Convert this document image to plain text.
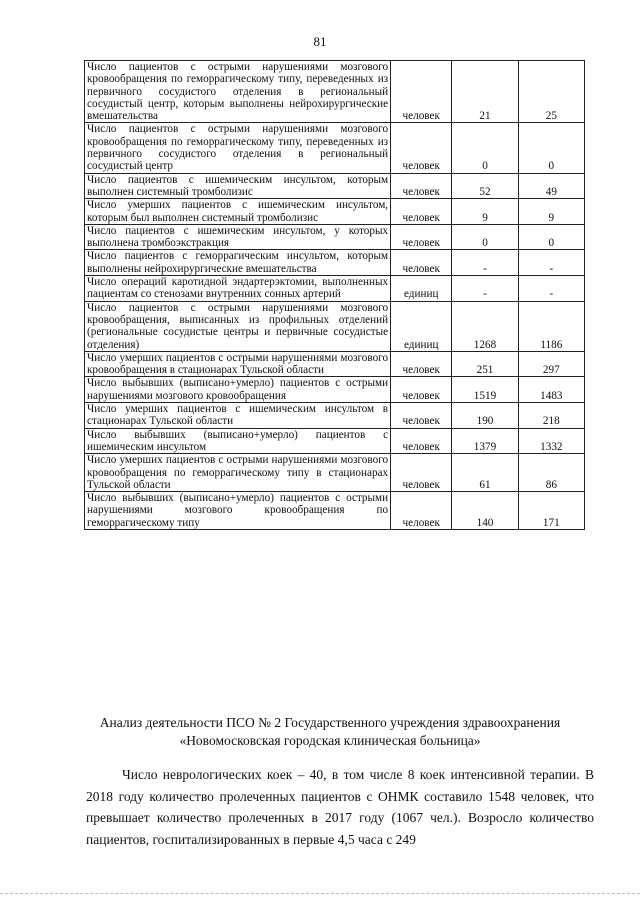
81
Число пациентов с острыми нарушениями мозгового кровообращения по геморрагическому типу, переведенных из первичного сосудистого отделения в региональный сосудистый центр, которым выполнены нейрохирургические вмешательства	человек	21	25
Число пациентов с острыми нарушениями мозгового кровообращения по геморрагическому типу, переведенных из первичного сосудистого отделения в региональный сосудистый центр	человек	0	0
Число пациентов с ишемическим инсультом, которым выполнен системный тромболизис	человек	52	49
Число умерших пациентов с ишемическим инсультом, которым был выполнен системный тромболизис	человек	9	9
Число пациентов с ишемическим инсультом, у которых выполнена тромбоэкстракция	человек	0	0
Число пациентов с геморрагическим инсультом, которым выполнены нейрохирургические вмешательства	человек	-	-
Число операций каротидной эндартерэктомии, выполненных пациентам со стенозами внутренних сонных артерий	единиц	-	-
Число пациентов с острыми нарушениями мозгового кровообращения, выписанных из профильных отделений (региональные сосудистые центры и первичные сосудистые отделения)	единиц	1268	1186
Число умерших пациентов с острыми нарушениями мозгового кровообращения в стационарах Тульской области	человек	251	297
Число выбывших (выписано+умерло) пациентов с острыми нарушениями мозгового кровообращения	человек	1519	1483
Число умерших пациентов с ишемическим инсультом в стационарах Тульской области	человек	190	218
Число выбывших (выписано+умерло) пациентов с ишемическим инсультом	человек	1379	1332
Число умерших пациентов с острыми нарушениями мозгового кровообращения по геморрагическому типу в стационарах Тульской области	человек	61	86
Число выбывших (выписано+умерло) пациентов с острыми нарушениями мозгового кровообращения по геморрагическому типу	человек	140	171
Анализ деятельности ПСО № 2 Государственного учреждения здравоохранения «Новомосковская городская клиническая больница»
Число неврологических коек – 40, в том числе 8 коек интенсивной терапии. В 2018 году количество пролеченных пациентов с ОНМК составило 1548 человек, что превышает количество пролеченных в 2017 году (1067 чел.). Возросло количество пациентов, госпитализированных в первые 4,5 часа с 249
